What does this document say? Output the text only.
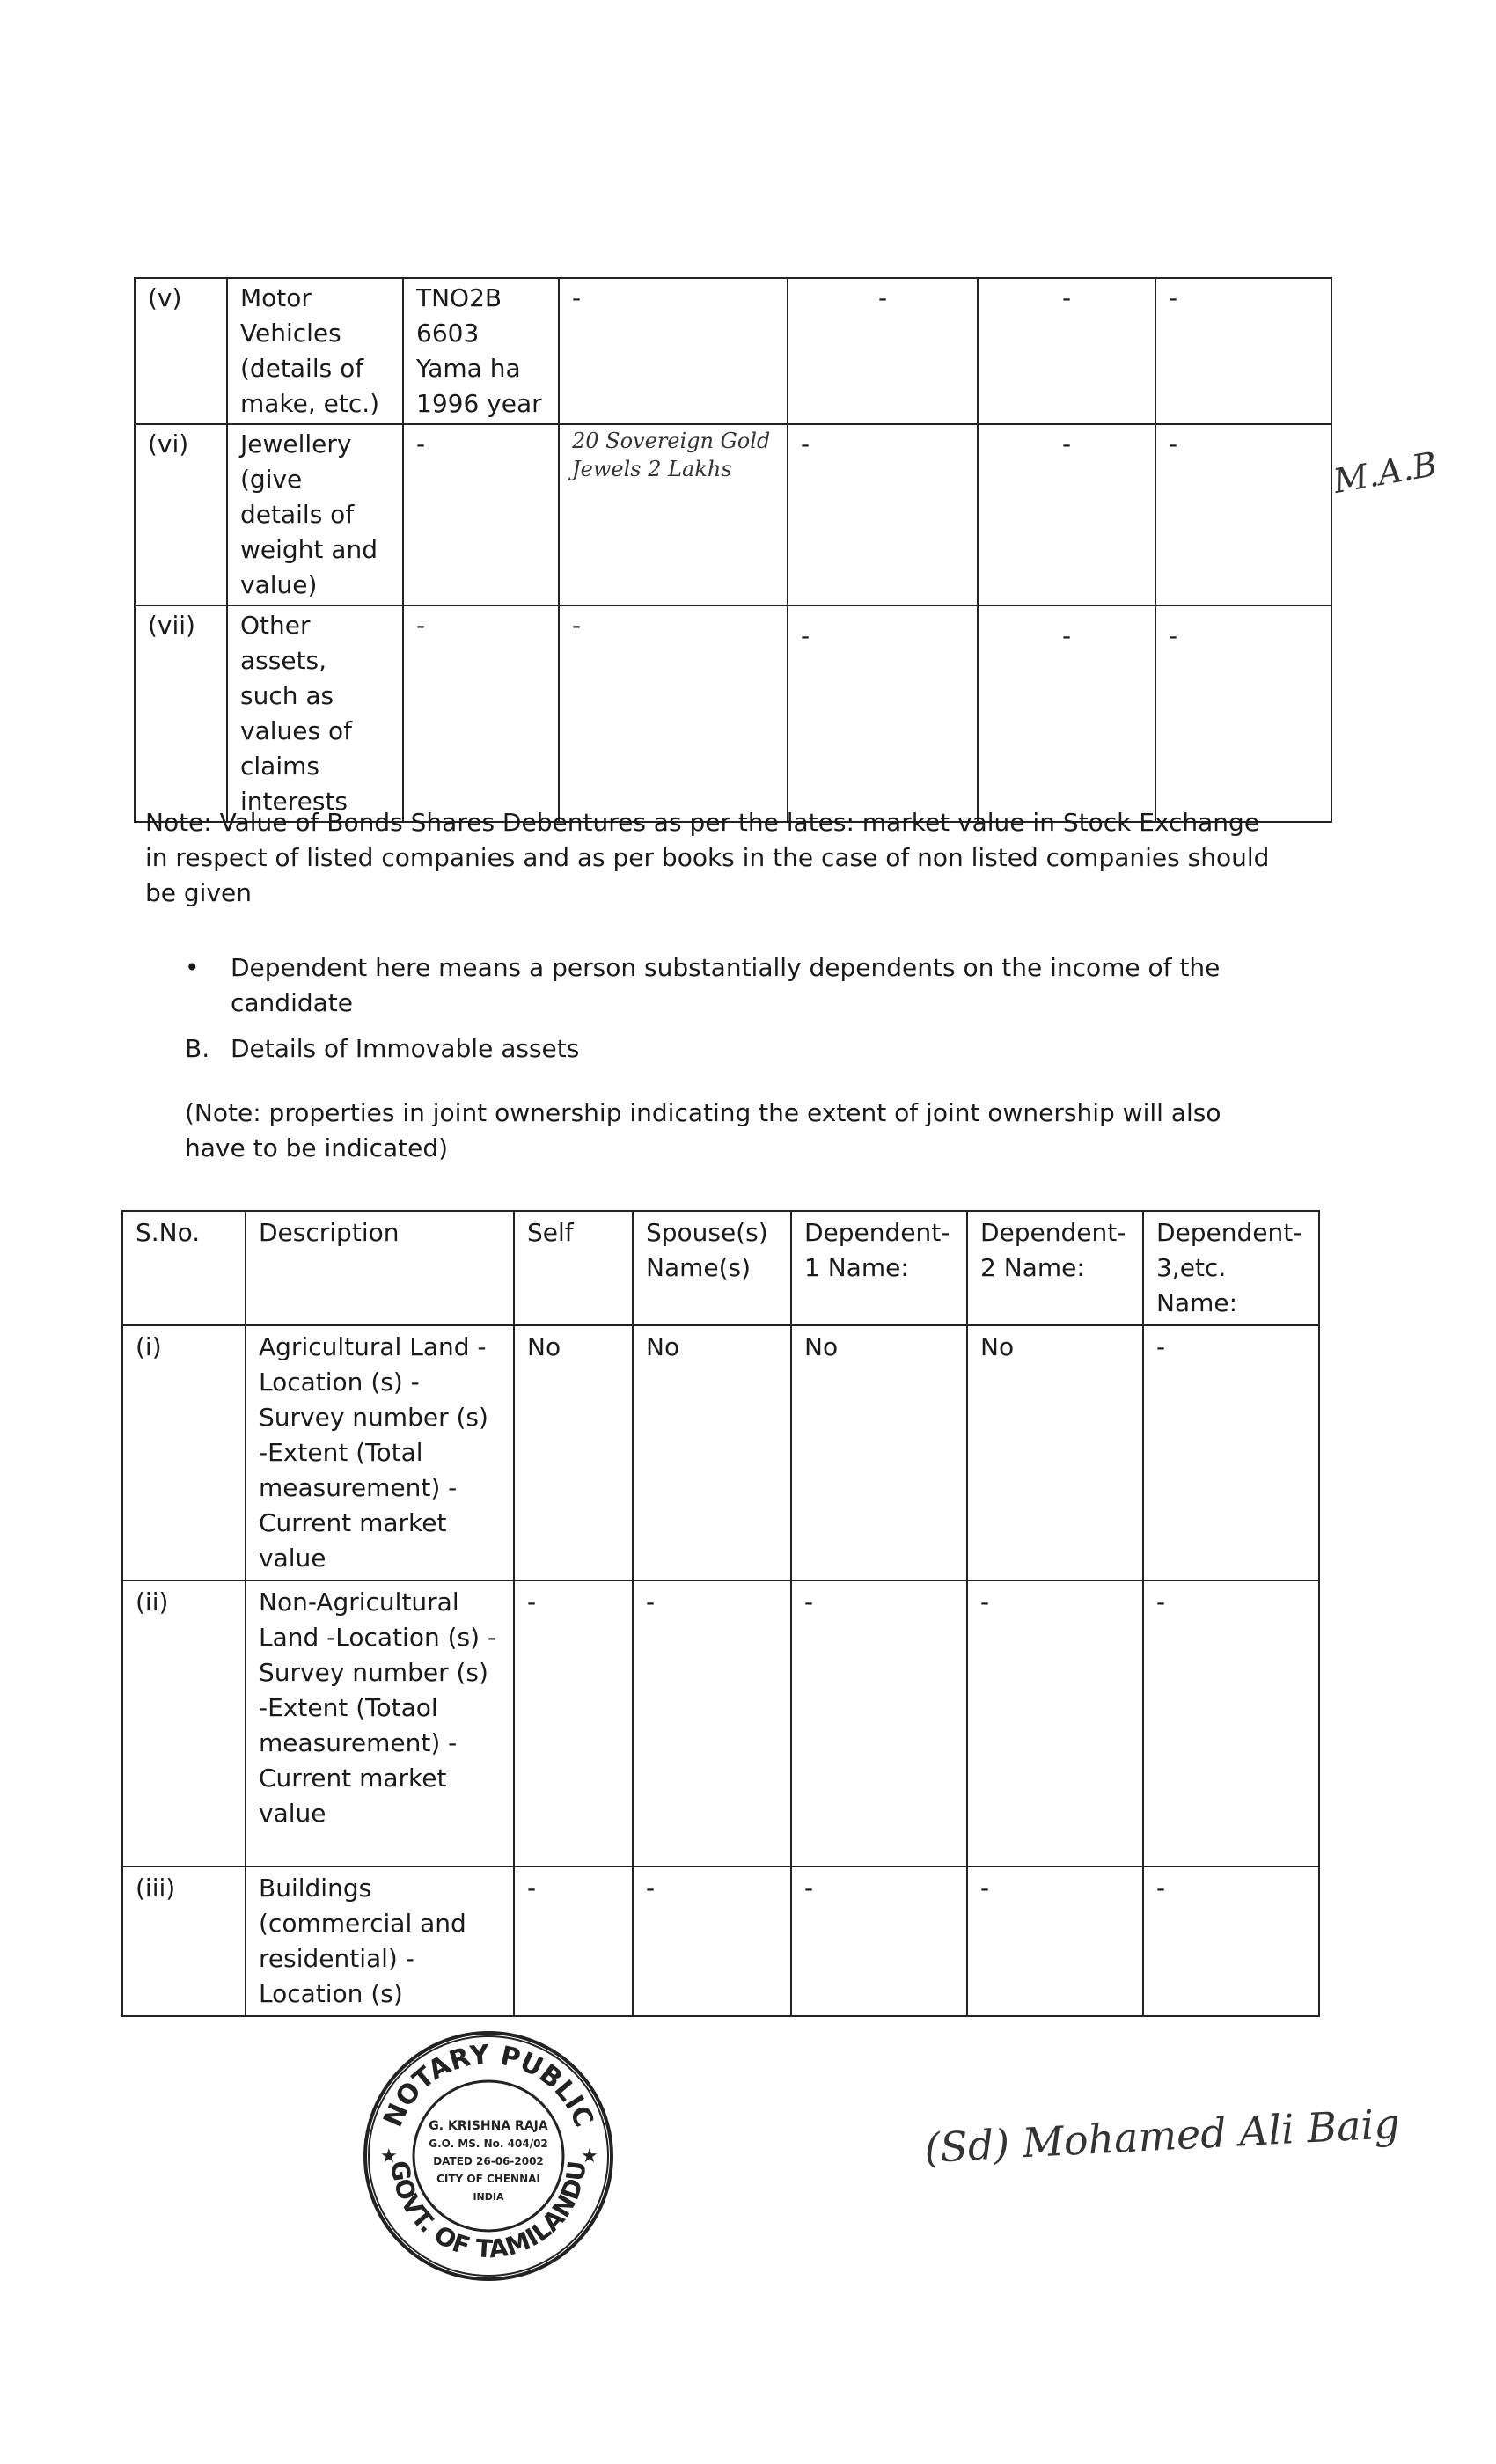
(v)	Motor Vehicles (details of make, etc.)	TNO2B 6603 Yama ha 1996 year	-	-	-	-
(vi)	Jewellery (give details of weight and value)	-	20 Sovereign Gold Jewels 2 Lakhs	-	-	-
(vii)	Other assets, such as values of claims interests	-	-	-	-	-
M.A.B
Note: Value of Bonds Shares Debentures as per the lates: market value in Stock Exchange in respect of listed companies and as per books in the case of non listed companies should be given
• Dependent here means a person substantially dependents on the income of the candidate
B. Details of Immovable assets
(Note: properties in joint ownership indicating the extent of joint ownership will also have to be indicated)
S.No.	Description	Self	Spouse(s) Name(s)	Dependent-1 Name:	Dependent-2 Name:	Dependent-3,etc. Name:
(i)	Agricultural Land -Location (s) -Survey number (s) -Extent (Total measurement) -Current market value	No	No	No	No	-
(ii)	Non-Agricultural Land -Location (s) -Survey number (s) -Extent (Totaol measurement) -Current market value	-	-	-	-	-
(iii)	Buildings (commercial and residential) -Location (s)	-	-	-	-	-
NOTARY PUBLIC
GOVT. OF TAMILANDU
★	★
G. KRISHNA RAJA
G.O. MS. No. 404/02
DATED 26-06-2002
CITY OF CHENNAI
INDIA
(Sd) Mohamed Ali Baig
